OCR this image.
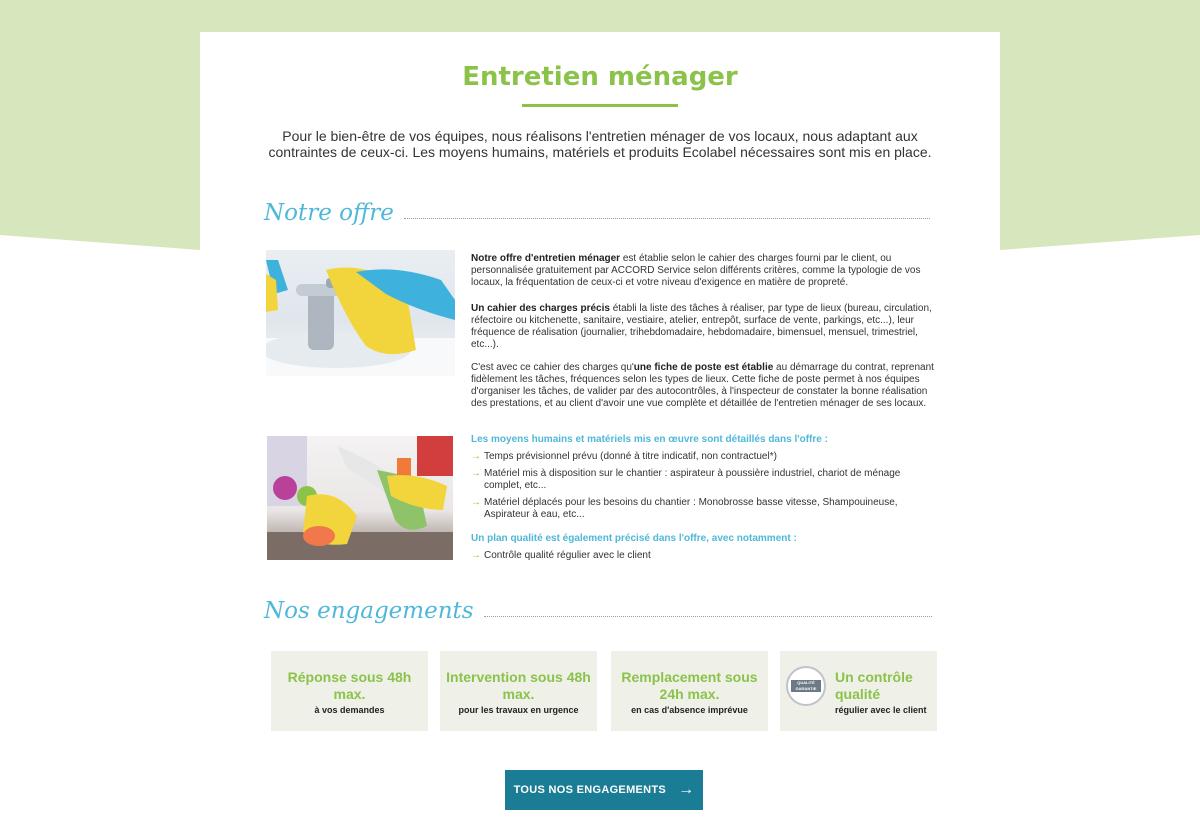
Entretien ménager

Pour le bien-être de vos équipes, nous réalisons l'entretien ménager de vos locaux, nous adaptant aux contraintes de ceux-ci. Les moyens humains, matériels et produits Ecolabel nécessaires sont mis en place.

Notre offre

Notre offre d'entretien ménager est établie selon le cahier des charges fourni par le client, ou personnalisée gratuitement par ACCORD Service selon différents critères, comme la typologie de vos locaux, la fréquentation de ceux-ci et votre niveau d'exigence en matière de propreté.

Un cahier des charges précis établi la liste des tâches à réaliser, par type de lieux (bureau, circulation, réfectoire ou kitchenette, sanitaire, vestiaire, atelier, entrepôt, surface de vente, parkings, etc...), leur fréquence de réalisation (journalier, trihebdomadaire, hebdomadaire, bimensuel, mensuel, trimestriel, etc...).

C'est avec ce cahier des charges qu'une fiche de poste est établie au démarrage du contrat, reprenant fidèlement les tâches, fréquences selon les types de lieux. Cette fiche de poste permet à nos équipes d'organiser les tâches, de valider par des autocontrôles, à l'inspecteur de constater la bonne réalisation des prestations, et au client d'avoir une vue complète et détaillée de l'entretien ménager de ses locaux.

Les moyens humains et matériels mis en œuvre sont détaillés dans l'offre :
→ Temps prévisionnel prévu (donné à titre indicatif, non contractuel*)
→ Matériel mis à disposition sur le chantier : aspirateur à poussière industriel, chariot de ménage complet, etc...
→ Matériel déplacés pour les besoins du chantier : Monobrosse basse vitesse, Shampouineuse, Aspirateur à eau, etc...
Un plan qualité est également précisé dans l'offre, avec notamment :
→ Contrôle qualité régulier avec le client
Nos engagements
Réponse sous 48h max.
à vos demandes
Intervention sous 48h max.
pour les travaux en urgence
Remplacement sous 24h max.
en cas d'absence imprévue
QUALITÉ GARANTIE
Un contrôle qualité
régulier avec le client
TOUS NOS ENGAGEMENTS →
